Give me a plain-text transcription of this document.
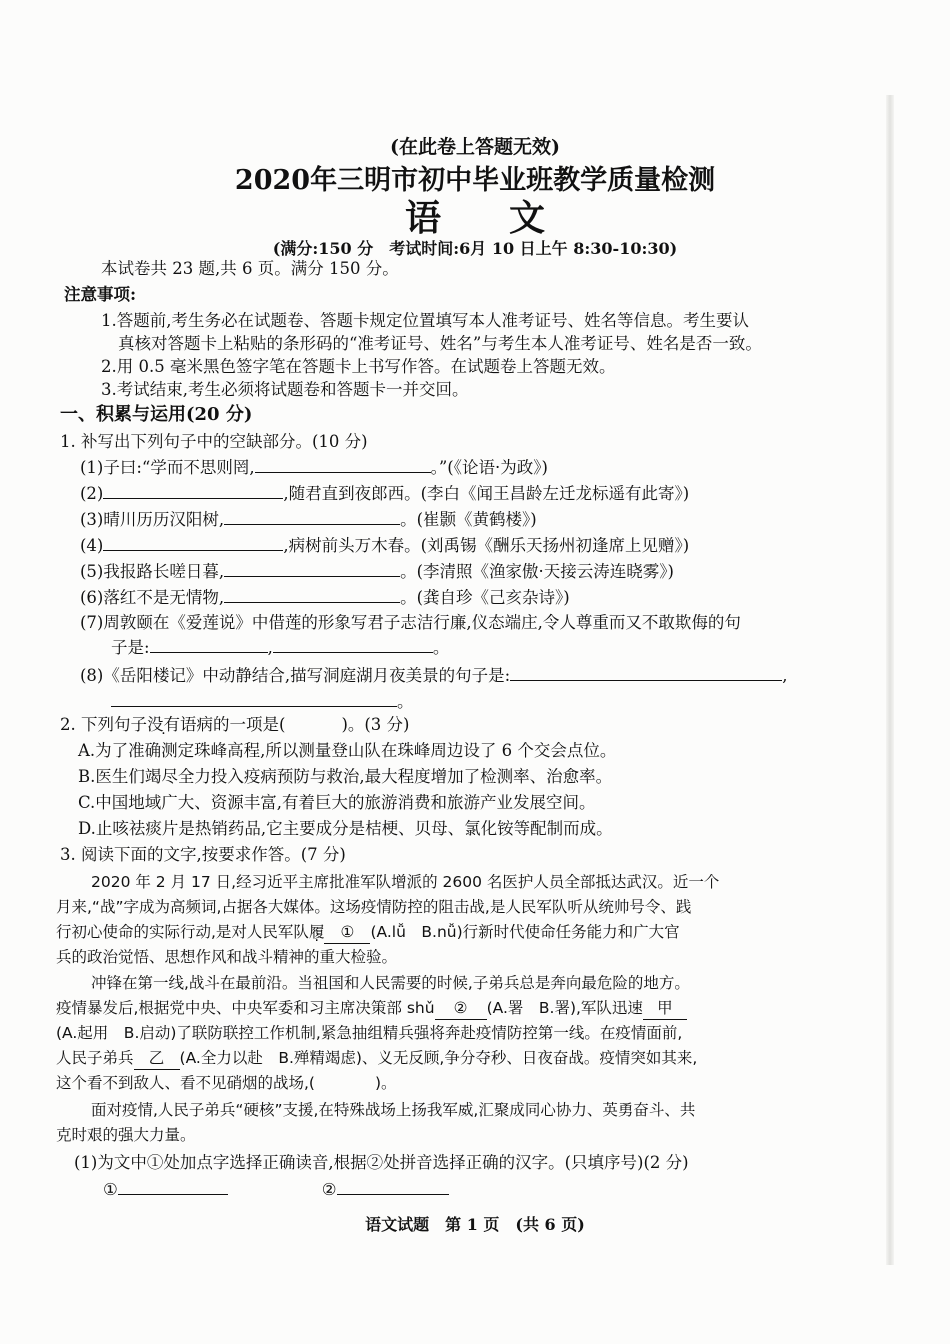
(在此卷上答题无效)
2020年三明市初中毕业班教学质量检测
语文
(满分:150 分　考试时间:6月 10 日上午 8:30-10:30)
本试卷共 23 题,共 6 页。满分 150 分。
注意事项:
1.答题前,考生务必在试题卷、答题卡规定位置填写本人准考证号、姓名等信息。考生要认
真核对答题卡上粘贴的条形码的“准考证号、姓名”与考生本人准考证号、姓名是否一致。
2.用 0.5 毫米黑色签字笔在答题卡上书写作答。在试题卷上答题无效。
3.考试结束,考生必须将试题卷和答题卡一并交回。
一、积累与运用(20 分)
1. 补写出下列句子中的空缺部分。(10 分)
(1)子曰:“学而不思则罔,	。”(《论语·为政》)
(2)	,随君直到夜郎西。(李白《闻王昌龄左迁龙标遥有此寄》)
(3)晴川历历汉阳树,	。(崔颢《黄鹤楼》)
(4)	,病树前头万木春。(刘禹锡《酬乐天扬州初逢席上见赠》)
(5)我报路长嗟日暮,	。(李清照《渔家傲·天接云涛连晓雾》)
(6)落红不是无情物,	。(龚自珍《己亥杂诗》)
(7)周敦颐在《爱莲说》中借莲的形象写君子志洁行廉,仪态端庄,令人尊重而又不敢欺侮的句
子是:	,	。
(8)《岳阳楼记》中动静结合,描写洞庭湖月夜美景的句子是:	,
。
2. 下列句子没有语病的一项是(	)。(3 分)
A.为了准确测定珠峰高程,所以测量登山队在珠峰周边设了 6 个交会点位。
B.医生们竭尽全力投入疫病预防与救治,最大程度增加了检测率、治愈率。
C.中国地域广大、资源丰富,有着巨大的旅游消费和旅游产业发展空间。
D.止咳祛痰片是热销药品,它主要成分是桔梗、贝母、氯化铵等配制而成。
3. 阅读下面的文字,按要求作答。(7 分)
2020 年 2 月 17 日,经习近平主席批准军队增派的 2600 名医护人员全部抵达武汉。近一个
月来,“战”字成为高频词,占据各大媒体。这场疫情防控的阻击战,是人民军队听从统帅号令、践
行初心使命的实际行动,是对人民军队履 ① (A.lǚ　B.nǚ)行新时代使命任务能力和广大官
兵的政治觉悟、思想作风和战斗精神的重大检验。
冲锋在第一线,战斗在最前沿。当祖国和人民需要的时候,子弟兵总是奔向最危险的地方。
疫情暴发后,根据党中央、中央军委和习主席决策部 shǔ ② (A.署　B.署),军队迅速 甲
(A.起用　B.启动)了联防联控工作机制,紧急抽组精兵强将奔赴疫情防控第一线。在疫情面前,
人民子弟兵 乙 (A.全力以赴　B.殚精竭虑)、义无反顾,争分夺秒、日夜奋战。疫情突如其来,
这个看不到敌人、看不见硝烟的战场,(	)。
面对疫情,人民子弟兵“硬核”支援,在特殊战场上扬我军威,汇聚成同心协力、英勇奋斗、共
克时艰的强大力量。
(1)为文中①处加点字选择正确读音,根据②处拼音选择正确的汉字。(只填序号)(2 分)
①	②
语文试题　第 1 页　(共 6 页)
